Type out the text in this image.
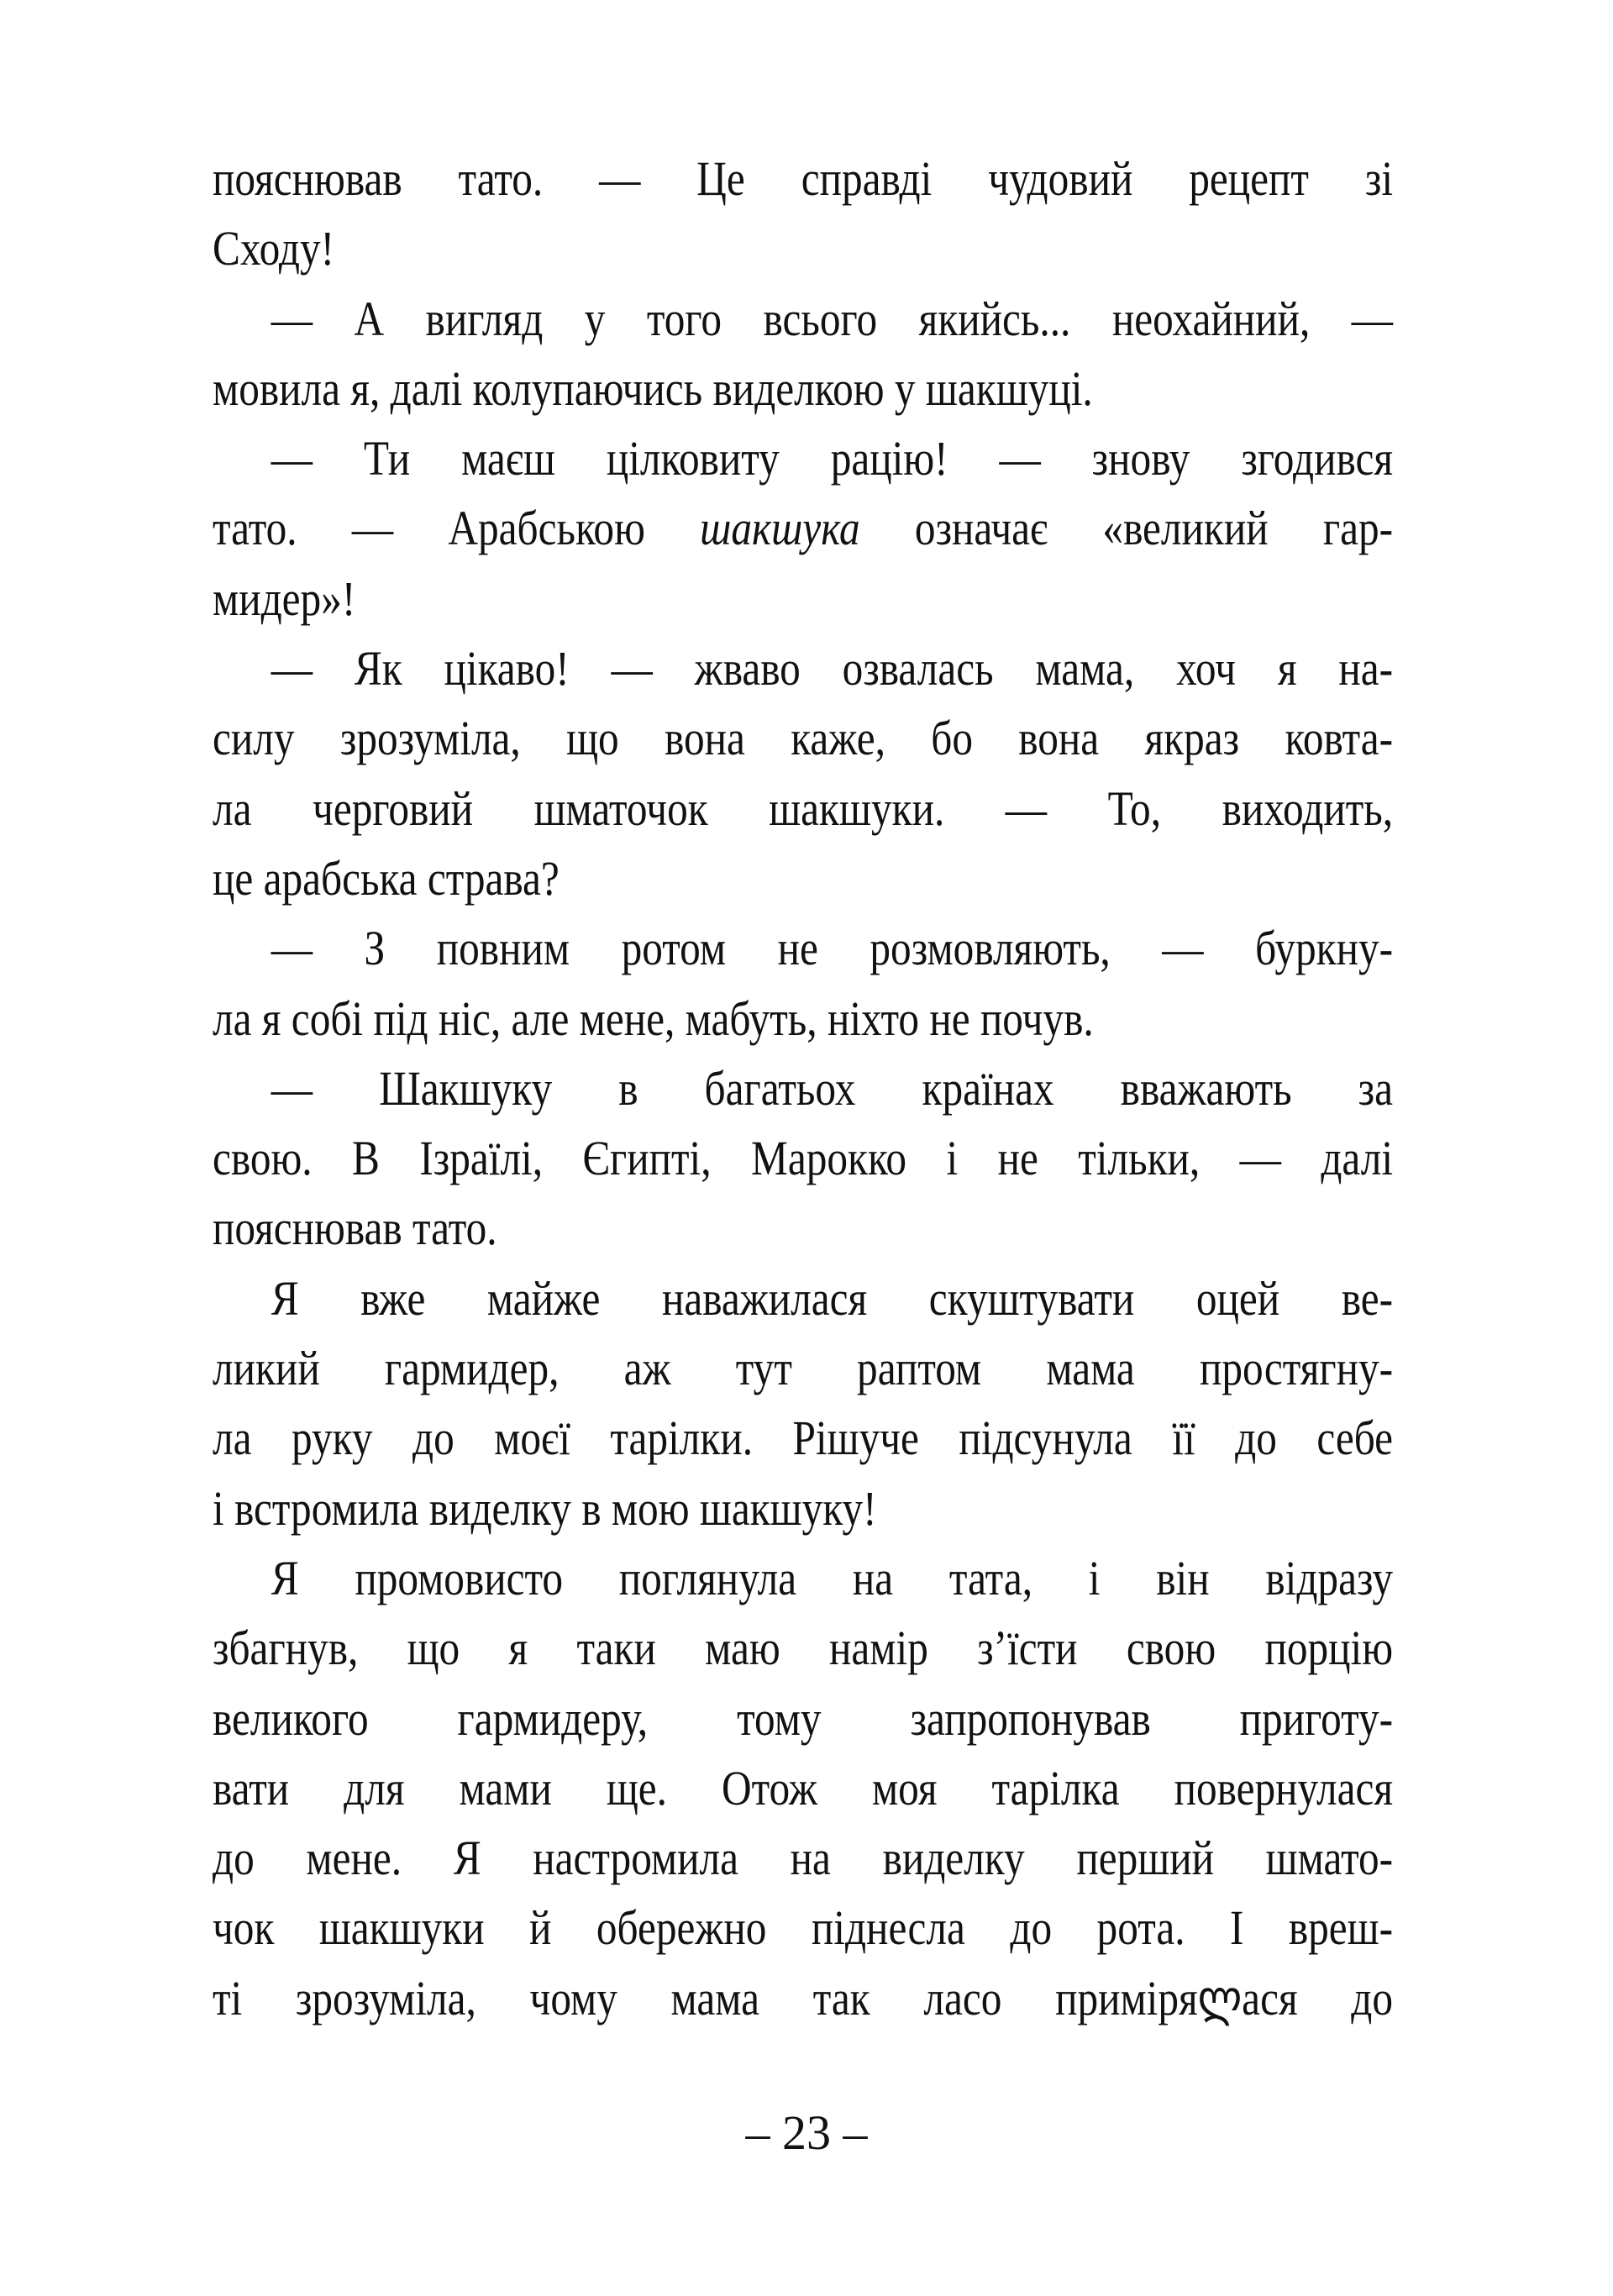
пояснював тато. — Це справді чудовий рецепт зі
Сходу!
— А вигляд у того всього якийсь... неохайний, —
мовила я, далі колупаючись виделкою у шакшуці.
— Ти маєш цілковиту рацію! — знову згодився
тато. — Арабською шакшука означає «великий гар-
мидер»!
— Як цікаво! — жваво озвалась мама, хоч я на-
силу зрозуміла, що вона каже, бо вона якраз ковта-
ла черговий шматочок шакшуки. — То, виходить,
це арабська страва?
— З повним ротом не розмовляють, — буркну-
ла я собі під ніс, але мене, мабуть, ніхто не почув.
— Шакшуку в багатьох країнах вважають за
свою. В Ізраїлі, Єгипті, Марокко і не тільки, — далі
пояснював тато.
Я вже майже наважилася скуштувати оцей ве-
ликий гармидер, аж тут раптом мама простягну-
ла руку до моєї тарілки. Рішуче підсунула її до себе
і встромила виделку в мою шакшуку!
Я промовисто поглянула на тата, і він відразу
збагнув, що я таки маю намір з’їсти свою порцію
великого гармидеру, тому запропонував приготу-
вати для мами ще. Отож моя тарілка повернулася
до мене. Я настромила на виделку перший шмато-
чок шакшуки й обережно піднесла до рота. І вреш-
ті зрозуміла, чому мама так ласо приміряლася до
– 23 –
